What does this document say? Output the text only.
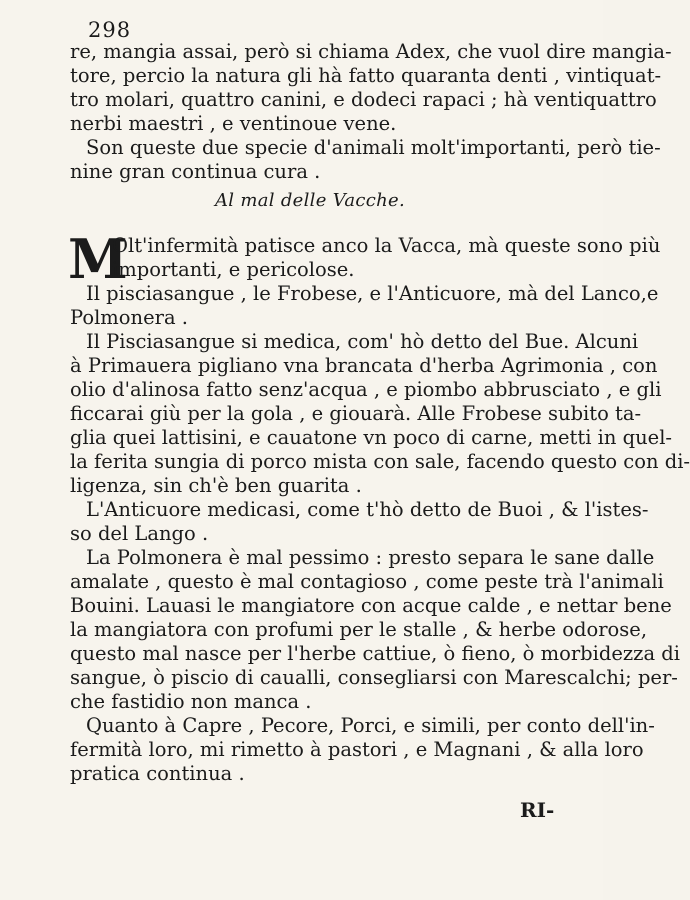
298
re, mangia assai, però si chiama Adex, che vuol dire mangia-
tore, percio la natura gli hà fatto quaranta denti , vintiquat-
tro molari, quattro canini, e dodeci rapaci ; hà ventiquattro
nerbi maestri , e ventinoue vene.
Son queste due specie d'animali molt'importanti, però tie-
nine gran continua cura .
Al mal delle Vacche.
M
Olt'infermità patisce anco la Vacca, mà queste sono più
importanti, e pericolose.
Il pisciasangue , le Frobese, e l'Anticuore, mà del Lanco,e
Polmonera .
Il Pisciasangue si medica, com' hò detto del Bue. Alcuni
à Primauera pigliano vna brancata d'herba Agrimonia , con
olio d'alinosa fatto senz'acqua , e piombo abbrusciato , e gli
ficcarai giù per la gola , e giouarà. Alle Frobese subito ta-
glia quei lattisini, e cauatone vn poco di carne, metti in quel-
la ferita sungia di porco mista con sale, facendo questo con di-
ligenza, sin ch'è ben guarita .
L'Anticuore medicasi, come t'hò detto de Buoi , & l'istes-
so del Lango .
La Polmonera è mal pessimo : presto separa le sane dalle
amalate , questo è mal contagioso , come peste trà l'animali
Bouini. Lauasi le mangiatore con acque calde , e nettar bene
la mangiatora con profumi per le stalle , & herbe odorose,
questo mal nasce per l'herbe cattiue, ò fieno, ò morbidezza di
sangue, ò piscio di caualli, consegliarsi con Marescalchi; per-
che fastidio non manca .
Quanto à Capre , Pecore, Porci, e simili, per conto dell'in-
fermità loro, mi rimetto à pastori , e Magnani , & alla loro
pratica continua .
RI-
